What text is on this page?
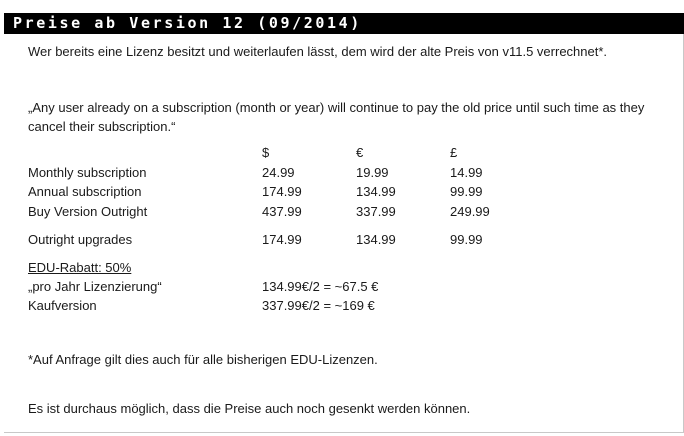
Preise ab Version 12 (09/2014)
Wer bereits eine Lizenz besitzt und weiterlaufen lässt, dem wird der alte Preis von v11.5 verrechnet*.
„Any user already on a subscription (month or year) will continue to pay the old price until such time as they cancel their subscription.“
$	€	£
Monthly subscription	24.99	19.99	14.99
Annual subscription	174.99	134.99	99.99
Buy Version Outright	437.99	337.99	249.99
Outright upgrades	174.99	134.99	99.99
EDU-Rabatt: 50%
„pro Jahr Lizenzierung“	134.99€/2 = ~67.5 €
Kaufversion	337.99€/2 = ~169 €
*Auf Anfrage gilt dies auch für alle bisherigen EDU-Lizenzen.
Es ist durchaus möglich, dass die Preise auch noch gesenkt werden können.
